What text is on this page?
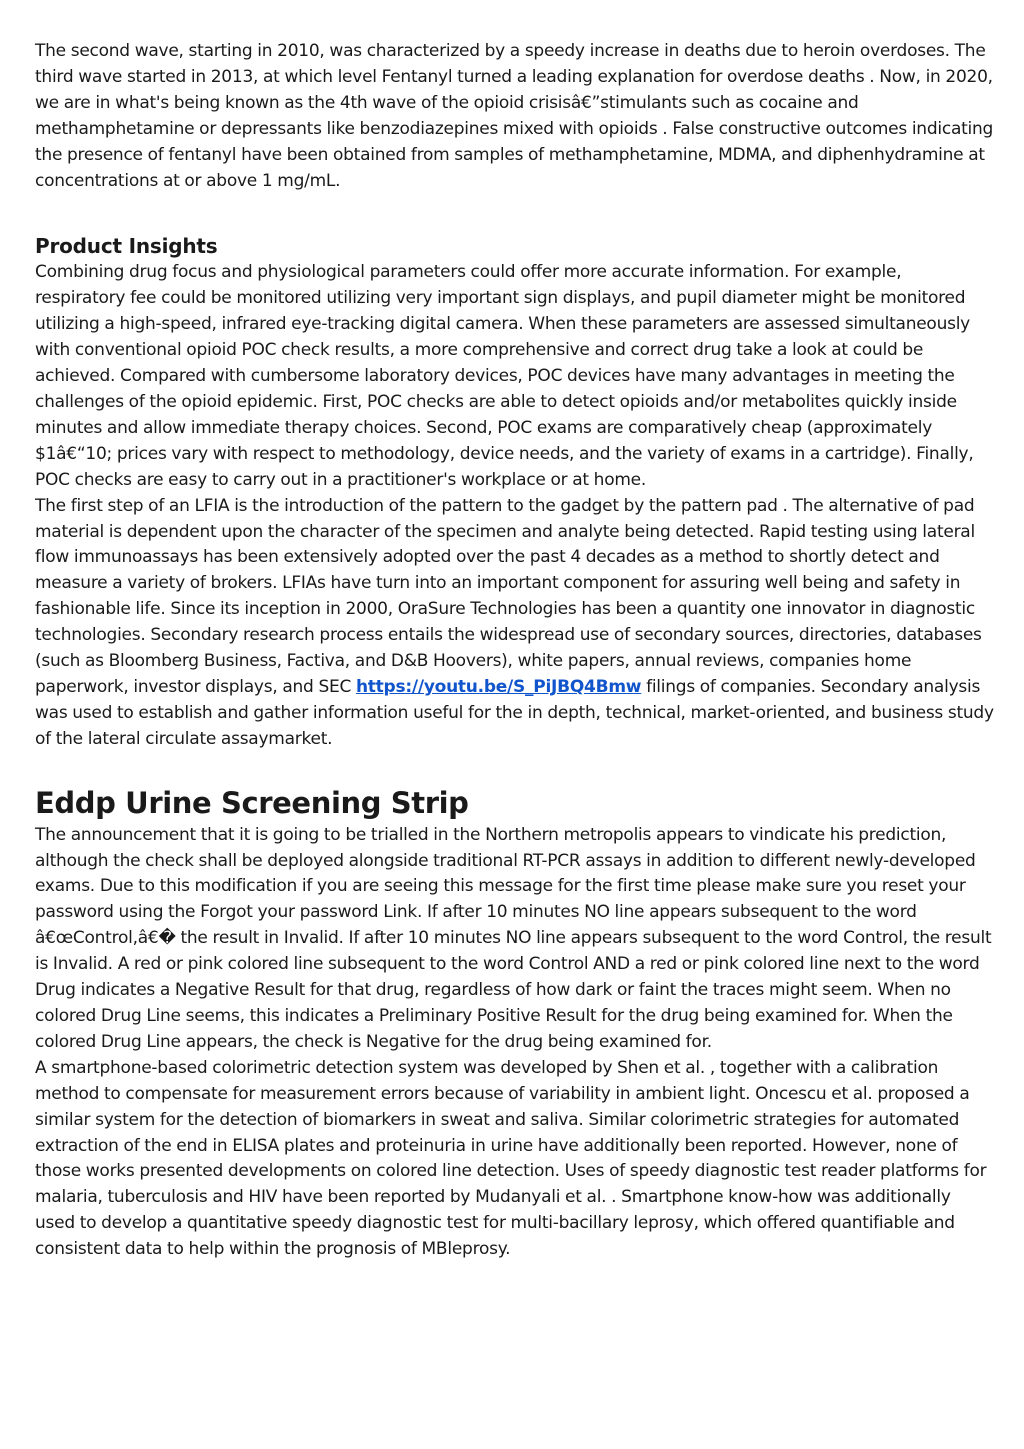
The second wave, starting in 2010, was characterized by a speedy increase in deaths due to heroin overdoses. The third wave started in 2013, at which level Fentanyl turned a leading explanation for overdose deaths . Now, in 2020, we are in what's being known as the 4th wave of the opioid crisisâ€”stimulants such as cocaine and methamphetamine or depressants like benzodiazepines mixed with opioids . False constructive outcomes indicating the presence of fentanyl have been obtained from samples of methamphetamine, MDMA, and diphenhydramine at concentrations at or above 1 mg/mL.

Product Insights

Combining drug focus and physiological parameters could offer more accurate information. For example, respiratory fee could be monitored utilizing very important sign displays, and pupil diameter might be monitored utilizing a high-speed, infrared eye-tracking digital camera. When these parameters are assessed simultaneously with conventional opioid POC check results, a more comprehensive and correct drug take a look at could be achieved. Compared with cumbersome laboratory devices, POC devices have many advantages in meeting the challenges of the opioid epidemic. First, POC checks are able to detect opioids and/or metabolites quickly inside minutes and allow immediate therapy choices. Second, POC exams are comparatively cheap (approximately $1â€“10; prices vary with respect to methodology, device needs, and the variety of exams in a cartridge). Finally, POC checks are easy to carry out in a practitioner's workplace or at home.

The first step of an LFIA is the introduction of the pattern to the gadget by the pattern pad . The alternative of pad material is dependent upon the character of the specimen and analyte being detected. Rapid testing using lateral flow immunoassays has been extensively adopted over the past 4 decades as a method to shortly detect and measure a variety of brokers. LFIAs have turn into an important component for assuring well being and safety in fashionable life. Since its inception in 2000, OraSure Technologies has been a quantity one innovator in diagnostic technologies. Secondary research process entails the widespread use of secondary sources, directories, databases (such as Bloomberg Business, Factiva, and D&B Hoovers), white papers, annual reviews, companies home paperwork, investor displays, and SEC https://youtu.be/S_PiJBQ4Bmw filings of companies. Secondary analysis was used to establish and gather information useful for the in depth, technical, market-oriented, and business study of the lateral circulate assaymarket.

Eddp Urine Screening Strip

The announcement that it is going to be trialled in the Northern metropolis appears to vindicate his prediction, although the check shall be deployed alongside traditional RT-PCR assays in addition to different newly-developed exams. Due to this modification if you are seeing this message for the first time please make sure you reset your password using the Forgot your password Link. If after 10 minutes NO line appears subsequent to the word â€œControl,â€� the result in Invalid. If after 10 minutes NO line appears subsequent to the word Control, the result is Invalid. A red or pink colored line subsequent to the word Control AND a red or pink colored line next to the word Drug indicates a Negative Result for that drug, regardless of how dark or faint the traces might seem. When no colored Drug Line seems, this indicates a Preliminary Positive Result for the drug being examined for. When the colored Drug Line appears, the check is Negative for the drug being examined for.

A smartphone-based colorimetric detection system was developed by Shen et al. , together with a calibration method to compensate for measurement errors because of variability in ambient light. Oncescu et al. proposed a similar system for the detection of biomarkers in sweat and saliva. Similar colorimetric strategies for automated extraction of the end in ELISA plates and proteinuria in urine have additionally been reported. However, none of those works presented developments on colored line detection. Uses of speedy diagnostic test reader platforms for malaria, tuberculosis and HIV have been reported by Mudanyali et al. . Smartphone know-how was additionally used to develop a quantitative speedy diagnostic test for multi-bacillary leprosy, which offered quantifiable and consistent data to help within the prognosis of MBleprosy.
